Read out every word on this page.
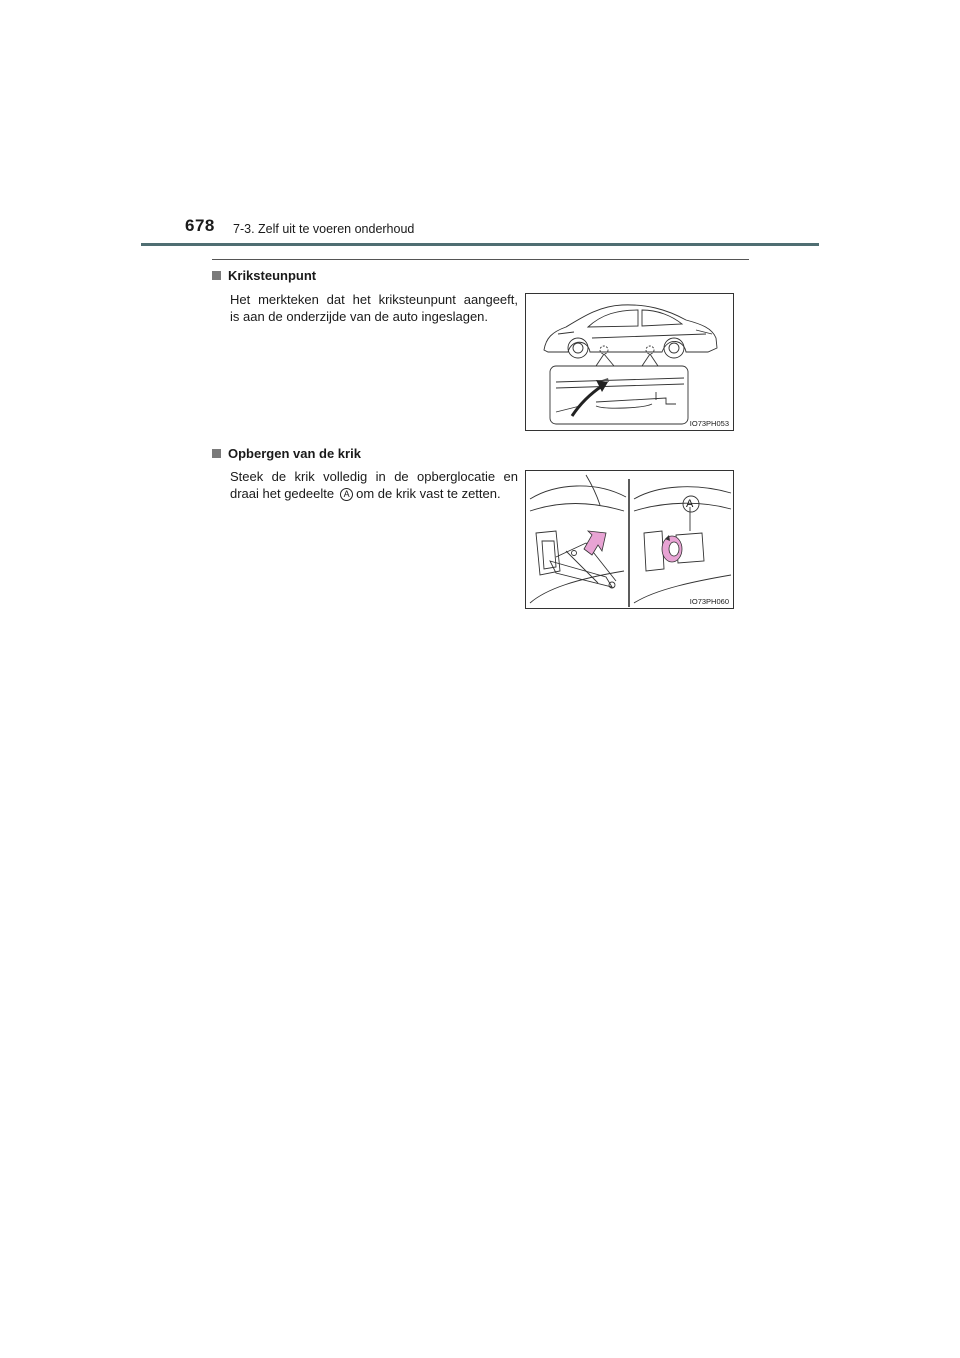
678 7-3. Zelf uit te voeren onderhoud
Kriksteunpunt
Het merkteken dat het kriksteunpunt aangeeft,
is aan de onderzijde van de auto ingeslagen.
IO73PH053
Opbergen van de krik
Steek de krik volledig in de opberglocatie en
draai het gedeelte A om de krik vast te zetten.
A
IO73PH060
